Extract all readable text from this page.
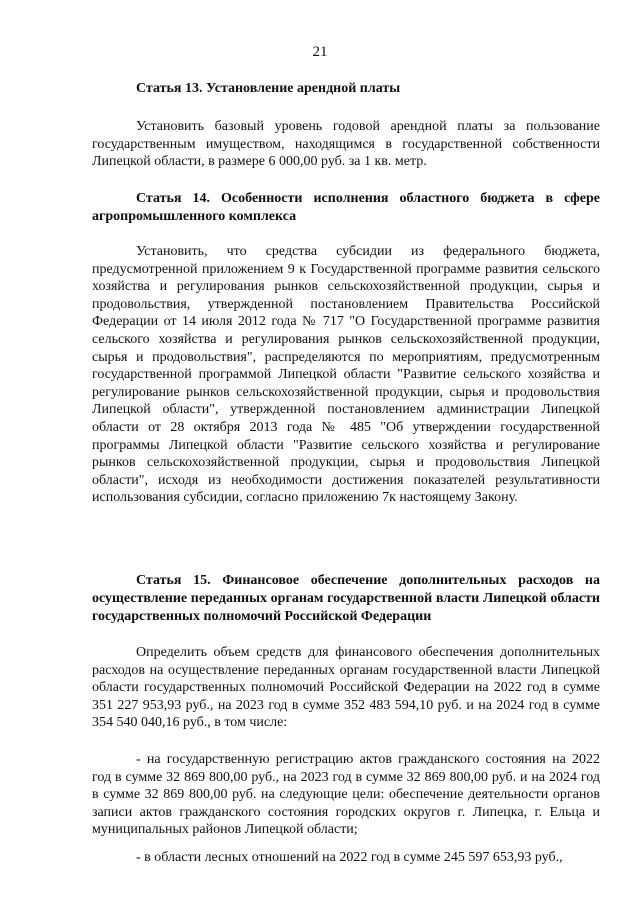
21
Статья 13. Установление арендной платы

Установить базовый уровень годовой арендной платы за пользование государственным имуществом, находящимся в государственной собственности Липецкой области, в размере 6 000,00 руб. за 1 кв. метр.

Статья 14. Особенности исполнения областного бюджета в сфере агропромышленного комплекса

Установить, что средства субсидии из федерального бюджета, предусмотренной приложением 9 к Государственной программе развития сельского хозяйства и регулирования рынков сельскохозяйственной продукции, сырья и продовольствия, утвержденной постановлением Правительства Российской Федерации от 14 июля 2012 года № 717 "О Государственной программе развития сельского хозяйства и регулирования рынков сельскохозяйственной продукции, сырья и продовольствия", распределяются по мероприятиям, предусмотренным государственной программой Липецкой области "Развитие сельского хозяйства и регулирование рынков сельскохозяйственной продукции, сырья и продовольствия Липецкой области", утвержденной постановлением администрации Липецкой области от 28 октября 2013 года № 485 "Об утверждении государственной программы Липецкой области "Развитие сельского хозяйства и регулирование рынков сельскохозяйственной продукции, сырья и продовольствия Липецкой области", исходя из необходимости достижения показателей результативности использования субсидии, согласно приложению 7к настоящему Закону.

Статья 15. Финансовое обеспечение дополнительных расходов на осуществление переданных органам государственной власти Липецкой области государственных полномочий Российской Федерации

Определить объем средств для финансового обеспечения дополнительных расходов на осуществление переданных органам государственной власти Липецкой области государственных полномочий Российской Федерации на 2022 год в сумме 351 227 953,93 руб., на 2023 год в сумме 352 483 594,10 руб. и на 2024 год в сумме 354 540 040,16 руб., в том числе:

- на государственную регистрацию актов гражданского состояния на 2022 год в сумме 32 869 800,00 руб., на 2023 год в сумме 32 869 800,00 руб. и на 2024 год в сумме 32 869 800,00 руб. на следующие цели: обеспечение деятельности органов записи актов гражданского состояния городских округов г. Липецка, г. Ельца и муниципальных районов Липецкой области;

- в области лесных отношений на 2022 год в сумме 245 597 653,93 руб.,
